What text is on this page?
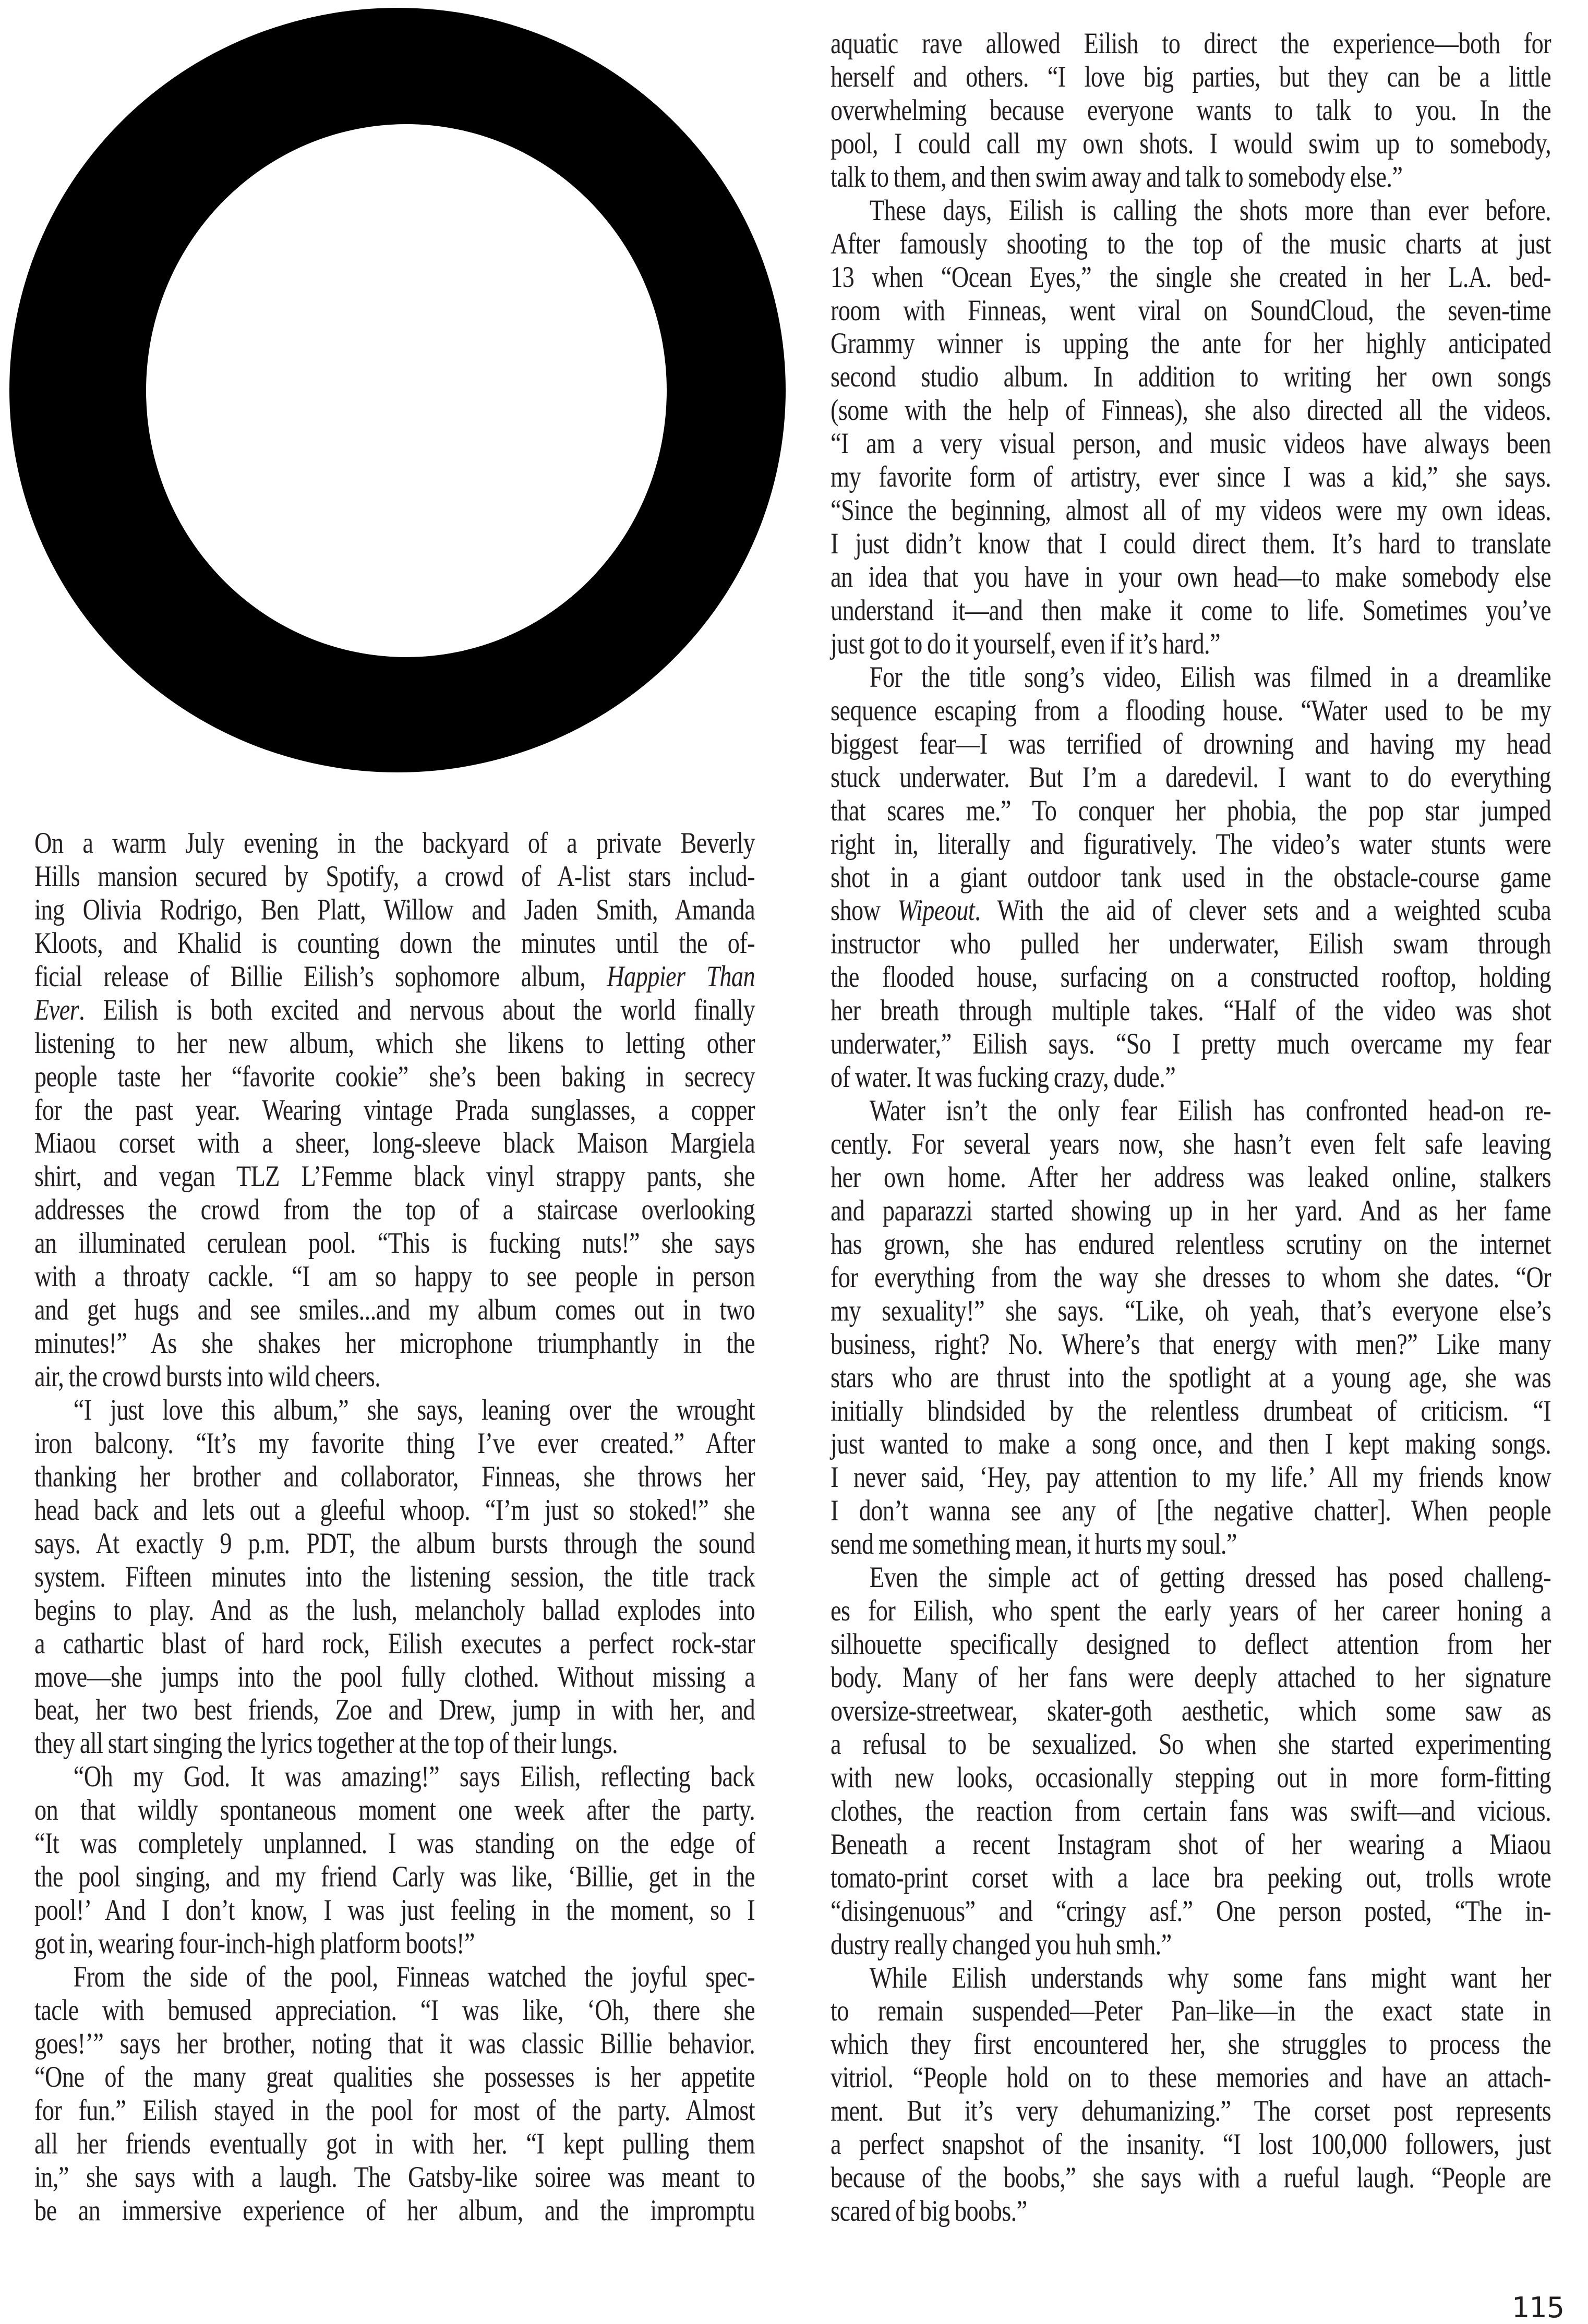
On a warm July evening in the backyard of a private Beverly
Hills mansion secured by Spotify, a crowd of A-list stars includ-
ing Olivia Rodrigo, Ben Platt, Willow and Jaden Smith, Amanda
Kloots, and Khalid is counting down the minutes until the of-
ficial release of Billie Eilish’s sophomore album, Happier Than
Ever. Eilish is both excited and nervous about the world finally
listening to her new album, which she likens to letting other
people taste her “favorite cookie” she’s been baking in secrecy
for the past year. Wearing vintage Prada sunglasses, a copper
Miaou corset with a sheer, long-sleeve black Maison Margiela
shirt, and vegan TLZ L’Femme black vinyl strappy pants, she
addresses the crowd from the top of a staircase overlooking
an illuminated cerulean pool. “This is fucking nuts!” she says
with a throaty cackle. “I am so happy to see people in person
and get hugs and see smiles...and my album comes out in two
minutes!” As she shakes her microphone triumphantly in the
air, the crowd bursts into wild cheers.
“I just love this album,” she says, leaning over the wrought
iron balcony. “It’s my favorite thing I’ve ever created.” After
thanking her brother and collaborator, Finneas, she throws her
head back and lets out a gleeful whoop. “I’m just so stoked!” she
says. At exactly 9 p.m. PDT, the album bursts through the sound
system. Fifteen minutes into the listening session, the title track
begins to play. And as the lush, melancholy ballad explodes into
a cathartic blast of hard rock, Eilish executes a perfect rock-star
move—she jumps into the pool fully clothed. Without missing a
beat, her two best friends, Zoe and Drew, jump in with her, and
they all start singing the lyrics together at the top of their lungs.
“Oh my God. It was amazing!” says Eilish, reflecting back
on that wildly spontaneous moment one week after the party.
“It was completely unplanned. I was standing on the edge of
the pool singing, and my friend Carly was like, ‘Billie, get in the
pool!’ And I don’t know, I was just feeling in the moment, so I
got in, wearing four-inch-high platform boots!”
From the side of the pool, Finneas watched the joyful spec-
tacle with bemused appreciation. “I was like, ‘Oh, there she
goes!’” says her brother, noting that it was classic Billie behavior.
“One of the many great qualities she possesses is her appetite
for fun.” Eilish stayed in the pool for most of the party. Almost
all her friends eventually got in with her. “I kept pulling them
in,” she says with a laugh. The Gatsby-like soiree was meant to
be an immersive experience of her album, and the impromptu
aquatic rave allowed Eilish to direct the experience—both for
herself and others. “I love big parties, but they can be a little
overwhelming because everyone wants to talk to you. In the
pool, I could call my own shots. I would swim up to somebody,
talk to them, and then swim away and talk to somebody else.”
These days, Eilish is calling the shots more than ever before.
After famously shooting to the top of the music charts at just
13 when “Ocean Eyes,” the single she created in her L.A. bed-
room with Finneas, went viral on SoundCloud, the seven-time
Grammy winner is upping the ante for her highly anticipated
second studio album. In addition to writing her own songs
(some with the help of Finneas), she also directed all the videos.
“I am a very visual person, and music videos have always been
my favorite form of artistry, ever since I was a kid,” she says.
“Since the beginning, almost all of my videos were my own ideas.
I just didn’t know that I could direct them. It’s hard to translate
an idea that you have in your own head—to make somebody else
understand it—and then make it come to life. Sometimes you’ve
just got to do it yourself, even if it’s hard.”
For the title song’s video, Eilish was filmed in a dreamlike
sequence escaping from a flooding house. “Water used to be my
biggest fear—I was terrified of drowning and having my head
stuck underwater. But I’m a daredevil. I want to do everything
that scares me.” To conquer her phobia, the pop star jumped
right in, literally and figuratively. The video’s water stunts were
shot in a giant outdoor tank used in the obstacle-course game
show Wipeout. With the aid of clever sets and a weighted scuba
instructor who pulled her underwater, Eilish swam through
the flooded house, surfacing on a constructed rooftop, holding
her breath through multiple takes. “Half of the video was shot
underwater,” Eilish says. “So I pretty much overcame my fear
of water. It was fucking crazy, dude.”
Water isn’t the only fear Eilish has confronted head-on re-
cently. For several years now, she hasn’t even felt safe leaving
her own home. After her address was leaked online, stalkers
and paparazzi started showing up in her yard. And as her fame
has grown, she has endured relentless scrutiny on the internet
for everything from the way she dresses to whom she dates. “Or
my sexuality!” she says. “Like, oh yeah, that’s everyone else’s
business, right? No. Where’s that energy with men?” Like many
stars who are thrust into the spotlight at a young age, she was
initially blindsided by the relentless drumbeat of criticism. “I
just wanted to make a song once, and then I kept making songs.
I never said, ‘Hey, pay attention to my life.’ All my friends know
I don’t wanna see any of [the negative chatter]. When people
send me something mean, it hurts my soul.”
Even the simple act of getting dressed has posed challeng-
es for Eilish, who spent the early years of her career honing a
silhouette specifically designed to deflect attention from her
body. Many of her fans were deeply attached to her signature
oversize-streetwear, skater-goth aesthetic, which some saw as
a refusal to be sexualized. So when she started experimenting
with new looks, occasionally stepping out in more form-fitting
clothes, the reaction from certain fans was swift—and vicious.
Beneath a recent Instagram shot of her wearing a Miaou
tomato-print corset with a lace bra peeking out, trolls wrote
“disingenuous” and “cringy asf.” One person posted, “The in-
dustry really changed you huh smh.”
While Eilish understands why some fans might want her
to remain suspended—Peter Pan–like—in the exact state in
which they first encountered her, she struggles to process the
vitriol. “People hold on to these memories and have an attach-
ment. But it’s very dehumanizing.” The corset post represents
a perfect snapshot of the insanity. “I lost 100,000 followers, just
because of the boobs,” she says with a rueful laugh. “People are
scared of big boobs.”
115
